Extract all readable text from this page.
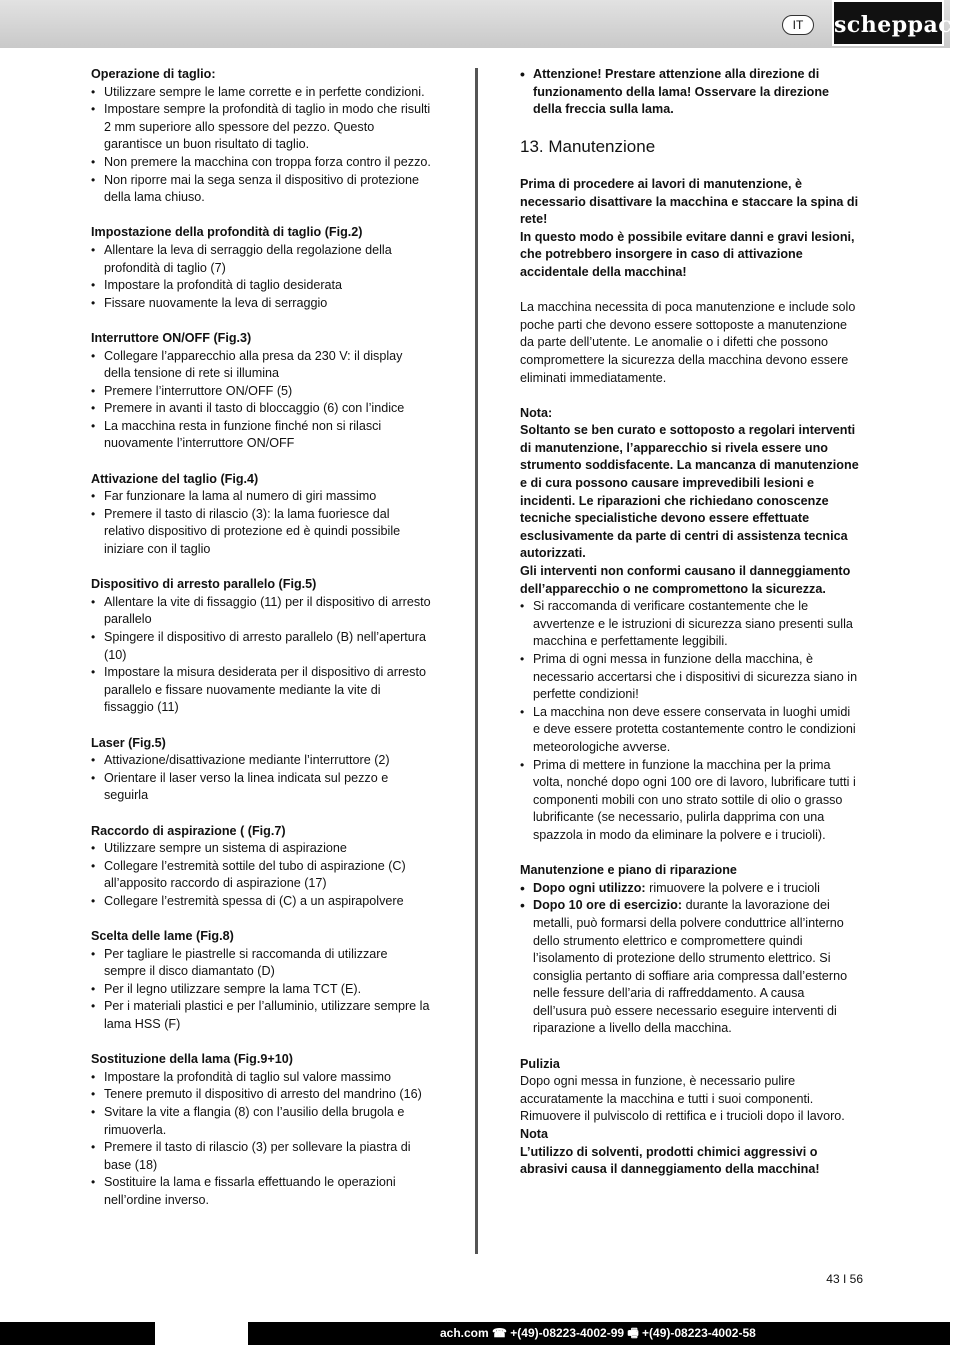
IT	scheppach
Operazione di taglio:
• Utilizzare sempre le lame corrette e in perfette condizioni.
• Impostare sempre la profondità di taglio in modo che risulti 2 mm superiore allo spessore del pezzo. Questo garantisce un buon risultato di taglio.
• Non premere la macchina con troppa forza contro il pezzo.
• Non riporre mai la sega senza il dispositivo di protezione della lama chiuso.
Impostazione della profondità di taglio (Fig.2)
• Allentare la leva di serraggio della regolazione della profondità di taglio (7)
• Impostare la profondità di taglio desiderata
• Fissare nuovamente la leva di serraggio
Interruttore ON/OFF (Fig.3)
• Collegare l’apparecchio alla presa da 230 V: il display della tensione di rete si illumina
• Premere l’interruttore ON/OFF (5)
• Premere in avanti il tasto di bloccaggio (6) con l’indice
• La macchina resta in funzione finché non si rilasci nuovamente l’interruttore ON/OFF
Attivazione del taglio (Fig.4)
• Far funzionare la lama al numero di giri massimo
• Premere il tasto di rilascio (3): la lama fuoriesce dal relativo dispositivo di protezione ed è quindi possibile iniziare con il taglio
Dispositivo di arresto parallelo (Fig.5)
• Allentare la vite di fissaggio (11) per il dispositivo di arresto parallelo
• Spingere il dispositivo di arresto parallelo (B) nell’apertura (10)
• Impostare la misura desiderata per il dispositivo di arresto parallelo e fissare nuovamente mediante la vite di fissaggio (11)
Laser (Fig.5)
• Attivazione/disattivazione mediante l’interruttore (2)
• Orientare il laser verso la linea indicata sul pezzo e seguirla
Raccordo di aspirazione ( (Fig.7)
• Utilizzare sempre un sistema di aspirazione
• Collegare l’estremità sottile del tubo di aspirazione (C) all’apposito raccordo di aspirazione (17)
• Collegare l’estremità spessa di (C) a un aspirapolvere
Scelta delle lame (Fig.8)
• Per tagliare le piastrelle si raccomanda di utilizzare sempre il disco diamantato (D)
• Per il legno utilizzare sempre la lama TCT (E).
• Per i materiali plastici e per l’alluminio, utilizzare sempre la lama HSS (F)
Sostituzione della lama (Fig.9+10)
• Impostare la profondità di taglio sul valore massimo
• Tenere premuto il dispositivo di arresto del mandrino (16)
• Svitare la vite a flangia (8) con l’ausilio della brugola e rimuoverla.
• Premere il tasto di rilascio (3) per sollevare la piastra di base (18)
• Sostituire la lama e fissarla effettuando le operazioni nell’ordine inverso.
• Attenzione! Prestare attenzione alla direzione di funzionamento della lama! Osservare la direzione della freccia sulla lama.
13. Manutenzione

Prima di procedere ai lavori di manutenzione, è necessario disattivare la macchina e staccare la spina di rete!

In questo modo è possibile evitare danni e gravi lesioni, che potrebbero insorgere in caso di attivazione accidentale della macchina!

La macchina necessita di poca manutenzione e include solo poche parti che devono essere sottoposte a manutenzione da parte dell’utente. Le anomalie o i difetti che possono compromettere la sicurezza della macchina devono essere eliminati immediatamente.

Nota:

Soltanto se ben curato e sottoposto a regolari interventi di manutenzione, l’apparecchio si rivela essere uno strumento soddisfacente. La mancanza di manutenzione e di cura possono causare imprevedibili lesioni e incidenti. Le riparazioni che richiedano conoscenze tecniche specialistiche devono essere effettuate esclusivamente da parte di centri di assistenza tecnica autorizzati.

Gli interventi non conformi causano il danneggiamento dell’apparecchio o ne compromettono la sicurezza.

• Si raccomanda di verificare costantemente che le avvertenze e le istruzioni di sicurezza siano presenti sulla macchina e perfettamente leggibili.
• Prima di ogni messa in funzione della macchina, è necessario accertarsi che i dispositivi di sicurezza siano in perfette condizioni!
• La macchina non deve essere conservata in luoghi umidi e deve essere protetta costantemente contro le condizioni meteorologiche avverse.
• Prima di mettere in funzione la macchina per la prima volta, nonché dopo ogni 100 ore di lavoro, lubrificare tutti i componenti mobili con uno strato sottile di olio o grasso lubrificante (se necessario, pulirla dapprima con una spazzola in modo da eliminare la polvere e i trucioli).
Manutenzione e piano di riparazione
• Dopo ogni utilizzo: rimuovere la polvere e i trucioli
• Dopo 10 ore di esercizio: durante la lavorazione dei metalli, può formarsi della polvere conduttrice all’interno dello strumento elettrico e compromettere quindi l’isolamento di protezione dello strumento elettrico. Si consiglia pertanto di soffiare aria compressa dall’esterno nelle fessure dell’aria di raffreddamento. A causa dell’usura può essere necessario eseguire interventi di riparazione a livello della macchina.
Pulizia

Dopo ogni messa in funzione, è necessario pulire accuratamente la macchina e tutti i suoi componenti. Rimuovere il pulviscolo di rettifica e i trucioli dopo il lavoro.

Nota

L’utilizzo di solventi, prodotti chimici aggressivi o abrasivi causa il danneggiamento della macchina!

43 I 56
ach.com ☎ +(49)-08223-4002-99 🖷 +(49)-08223-4002-58
